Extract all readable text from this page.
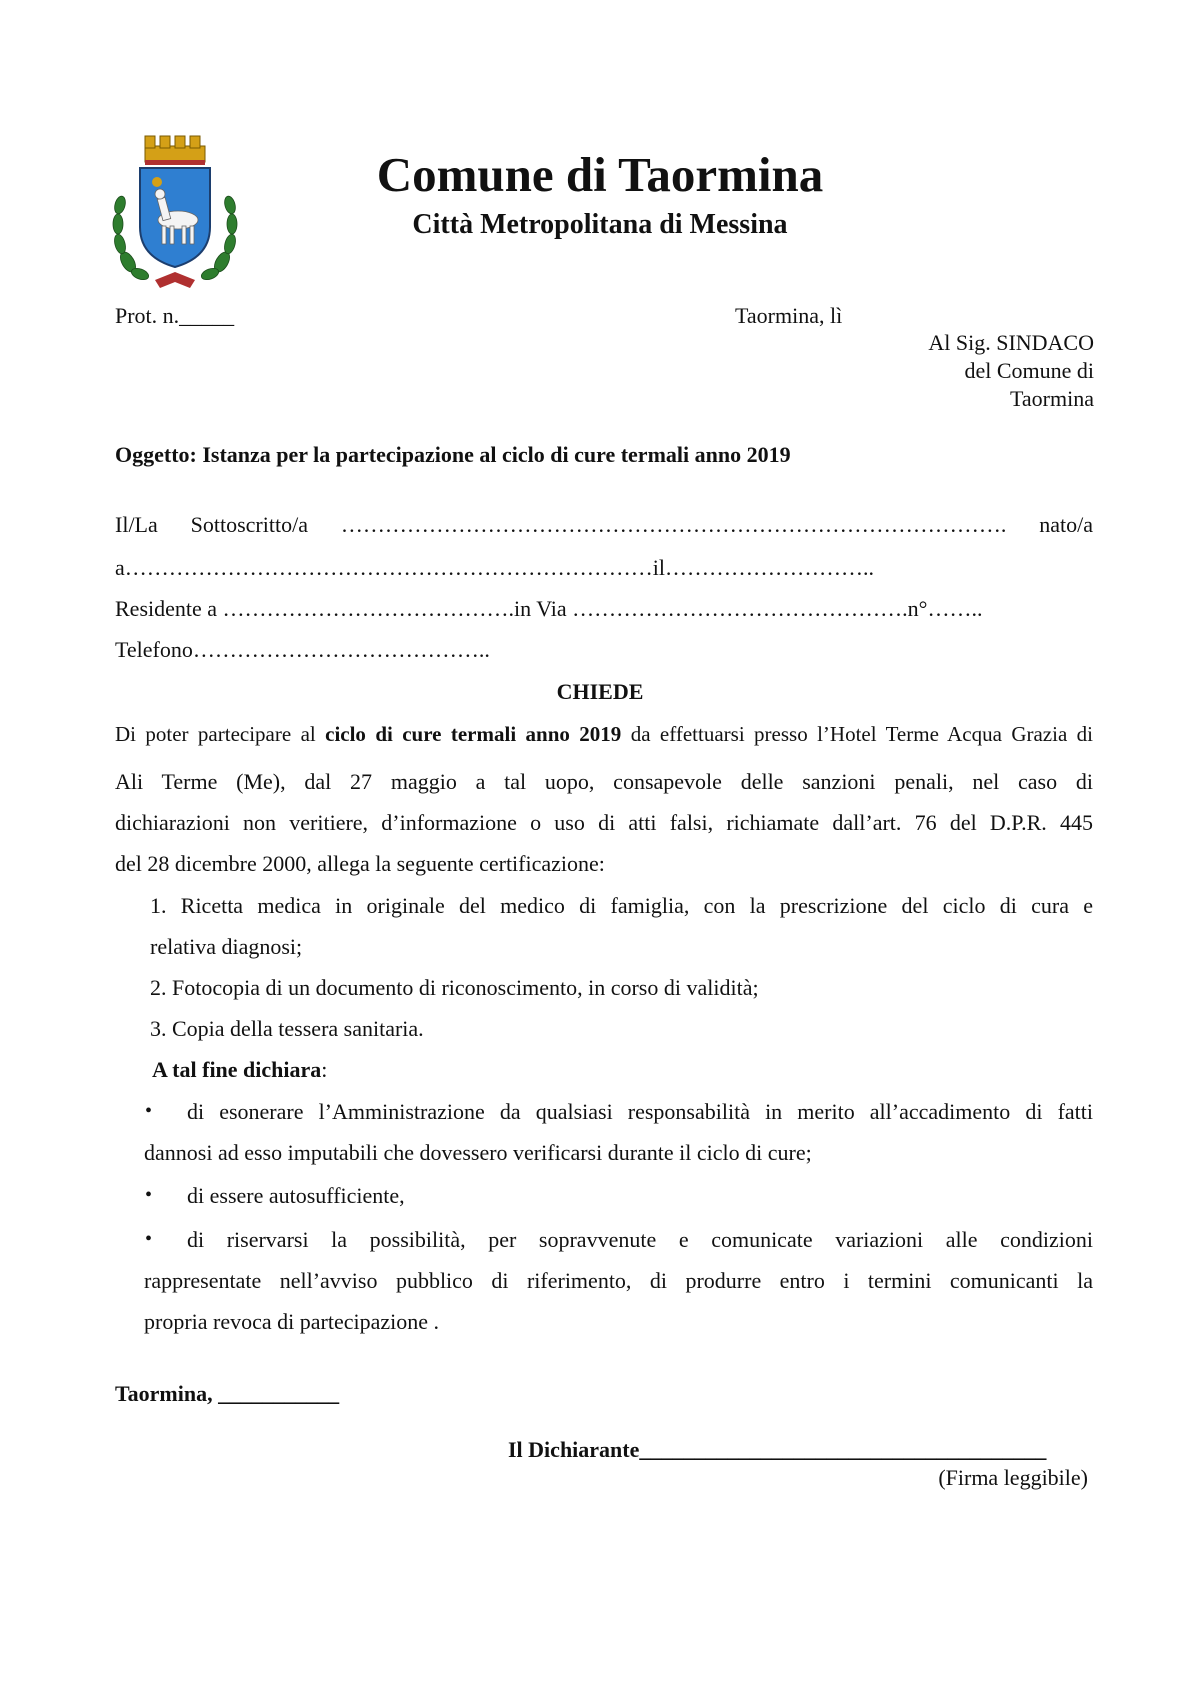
Comune di Taormina
Città Metropolitana di Messina
Prot. n._____	Taormina, lì
Al Sig. SINDACO
del Comune di
Taormina
Oggetto: Istanza per la partecipazione al ciclo di cure termali anno 2019
Il/La Sottoscritto/a ………………………………………………………………………………. nato/a
a………………………………………………………………il………………………..
Residente a ………………………………….in Via ……………………………………….n°……..
Telefono…………………………………..
CHIEDE
Di poter partecipare al ciclo di cure termali anno 2019 da effettuarsi presso l’Hotel Terme Acqua Grazia di
Ali Terme (Me), dal 27 maggio a tal uopo, consapevole delle sanzioni penali, nel caso di
dichiarazioni non veritiere, d’informazione o uso di atti falsi, richiamate dall’art. 76 del D.P.R. 445
del 28 dicembre 2000, allega la seguente certificazione:
1. Ricetta medica in originale del medico di famiglia, con la prescrizione del ciclo di cura e
relativa diagnosi;
2. Fotocopia di un documento di riconoscimento, in corso di validità;
3. Copia della tessera sanitaria.
A tal fine dichiara:
• di esonerare l’Amministrazione da qualsiasi responsabilità in merito all’accadimento di fatti
dannosi ad esso imputabili che dovessero verificarsi durante il ciclo di cure;
• di essere autosufficiente,
• di riservarsi la possibilità, per sopravvenute e comunicate variazioni alle condizioni
rappresentate nell’avviso pubblico di riferimento, di produrre entro i termini comunicanti la
propria revoca di partecipazione .
Taormina, ___________
Il Dichiarante_____________________________________
(Firma leggibile)
